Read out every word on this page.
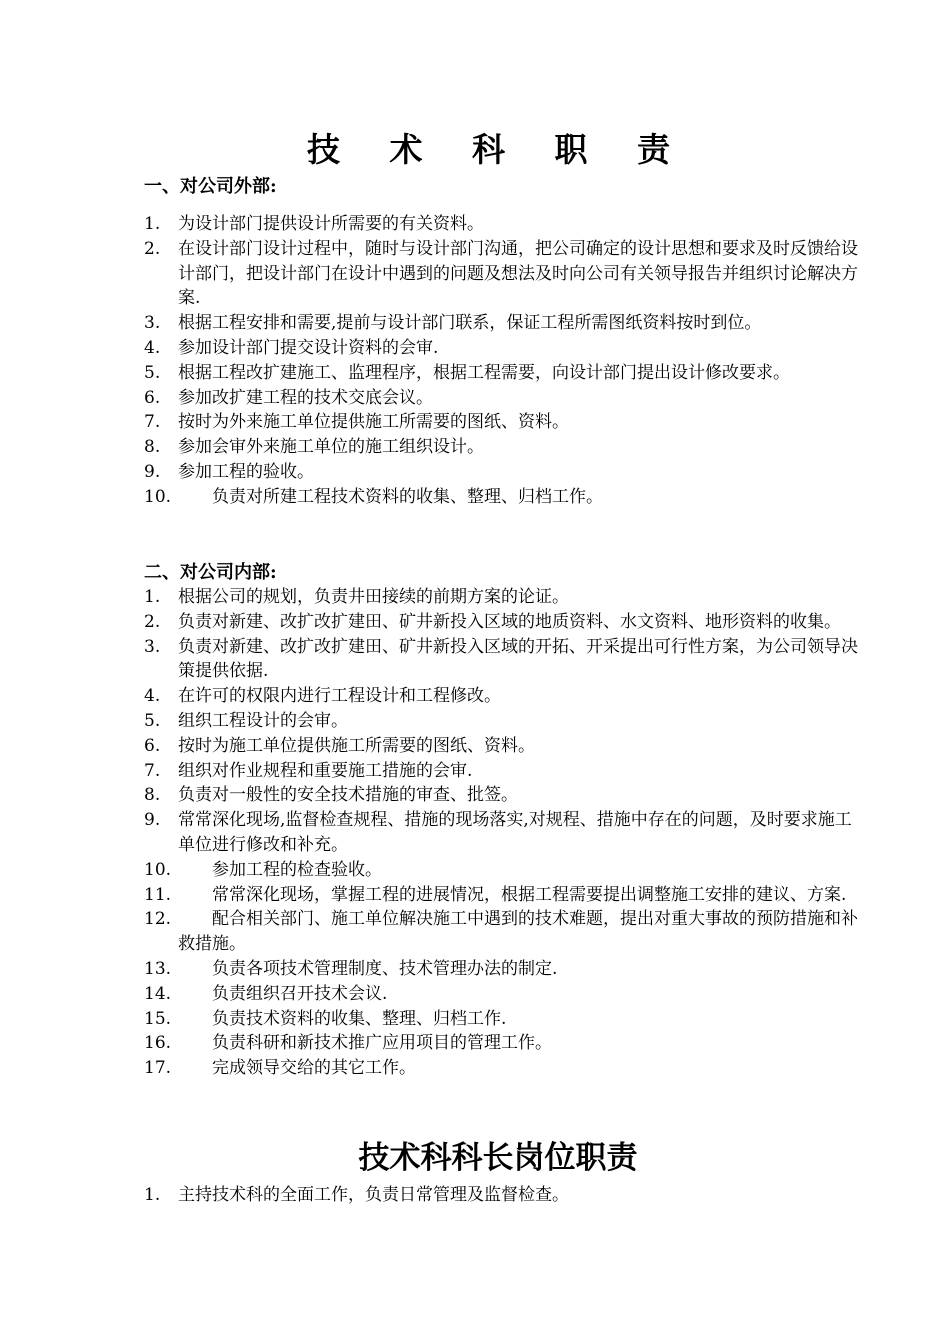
技 术 科 职 责
一、对公司外部:
1. 为设计部门提供设计所需要的有关资料。
2. 在设计部门设计过程中，随时与设计部门沟通，把公司确定的设计思想和要求及时反馈给设计部门，把设计部门在设计中遇到的问题及想法及时向公司有关领导报告并组织讨论解决方案.
3. 根据工程安排和需要,提前与设计部门联系，保证工程所需图纸资料按时到位。
4. 参加设计部门提交设计资料的会审.
5. 根据工程改扩建施工、监理程序，根据工程需要，向设计部门提出设计修改要求。
6. 参加改扩建工程的技术交底会议。
7. 按时为外来施工单位提供施工所需要的图纸、资料。
8. 参加会审外来施工单位的施工组织设计。
9. 参加工程的验收。
10.	负责对所建工程技术资料的收集、整理、归档工作。
二、对公司内部:
1. 根据公司的规划，负责井田接续的前期方案的论证。
2. 负责对新建、改扩改扩建田、矿井新投入区域的地质资料、水文资料、地形资料的收集。
3. 负责对新建、改扩改扩建田、矿井新投入区域的开拓、开采提出可行性方案，为公司领导决策提供依据.
4. 在许可的权限内进行工程设计和工程修改。
5. 组织工程设计的会审。
6. 按时为施工单位提供施工所需要的图纸、资料。
7. 组织对作业规程和重要施工措施的会审.
8. 负责对一般性的安全技术措施的审查、批签。
9. 常常深化现场,监督检查规程、措施的现场落实,对规程、措施中存在的问题，及时要求施工单位进行修改和补充。
10.	参加工程的检查验收。
11.	常常深化现场，掌握工程的进展情况，根据工程需要提出调整施工安排的建议、方案.
12.	配合相关部门、施工单位解决施工中遇到的技术难题，提出对重大事故的预防措施和补救措施。
13.	负责各项技术管理制度、技术管理办法的制定.
14.	负责组织召开技术会议.
15.	负责技术资料的收集、整理、归档工作.
16.	负责科研和新技术推广应用项目的管理工作。
17.	完成领导交给的其它工作。
技术科科长岗位职责
1. 主持技术科的全面工作，负责日常管理及监督检查。
